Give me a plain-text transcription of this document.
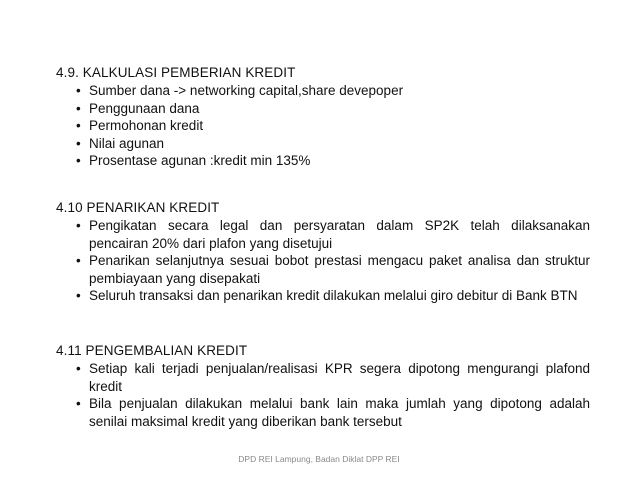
4.9. KALKULASI PEMBERIAN KREDIT

• Sumber dana -> networking capital,share devepoper
• Penggunaan dana
• Permohonan kredit
• Nilai agunan
• Prosentase agunan :kredit min 135%

4.10 PENARIKAN KREDIT

• Pengikatan secara legal dan persyaratan dalam SP2K telah dilaksanakan pencairan 20% dari plafon yang disetujui
• Penarikan selanjutnya sesuai bobot prestasi mengacu paket analisa dan struktur pembiayaan yang disepakati
• Seluruh transaksi dan penarikan kredit dilakukan melalui giro debitur di Bank BTN

4.11 PENGEMBALIAN KREDIT

• Setiap kali terjadi penjualan/realisasi KPR segera dipotong mengurangi plafond kredit
• Bila penjualan dilakukan melalui bank lain maka jumlah yang dipotong adalah senilai maksimal kredit yang diberikan bank tersebut
DPD REI Lampung, Badan Diklat DPP REI
